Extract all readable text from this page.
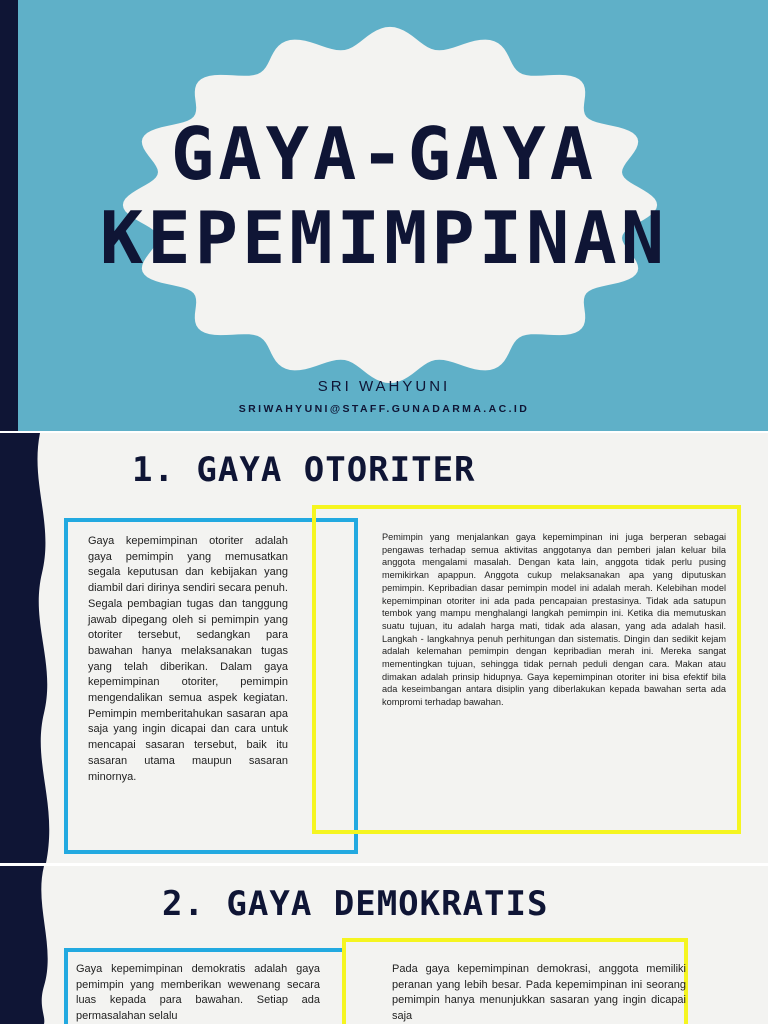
GAYA-GAYA
KEPEMIMPINAN
SRI WAHYUNI
SRIWAHYUNI@STAFF.GUNADARMA.AC.ID
1. GAYA OTORITER

Gaya kepemimpinan otoriter adalah gaya pemimpin yang memusatkan segala keputusan dan kebijakan yang diambil dari dirinya sendiri secara penuh. Segala pembagian tugas dan tanggung jawab dipegang oleh si pemimpin yang otoriter tersebut, sedangkan para bawahan hanya melaksanakan tugas yang telah diberikan. Dalam gaya kepemimpinan otoriter, pemimpin mengendalikan semua aspek kegiatan. Pemimpin memberitahukan sasaran apa saja yang ingin dicapai dan cara untuk mencapai sasaran tersebut, baik itu sasaran utama maupun sasaran minornya.

Pemimpin yang menjalankan gaya kepemimpinan ini juga berperan sebagai pengawas terhadap semua aktivitas anggotanya dan pemberi jalan keluar bila anggota mengalami masalah. Dengan kata lain, anggota tidak perlu pusing memikirkan apappun. Anggota cukup melaksanakan apa yang diputuskan pemimpin. Kepribadian dasar pemimpin model ini adalah merah. Kelebihan model kepemimpinan otoriter ini ada pada pencapaian prestasinya. Tidak ada satupun tembok yang mampu menghalangi langkah pemimpin ini. Ketika dia memutuskan suatu tujuan, itu adalah harga mati, tidak ada alasan, yang ada adalah hasil. Langkah - langkahnya penuh perhitungan dan sistematis. Dingin dan sedikit kejam adalah kelemahan pemimpin dengan kepribadian merah ini. Mereka sangat mementingkan tujuan, sehingga tidak pernah peduli dengan cara. Makan atau dimakan adalah prinsip hidupnya. Gaya kepemimpinan otoriter ini bisa efektif bila ada keseimbangan antara disiplin yang diberlakukan kepada bawahan serta ada kompromi terhadap bawahan.

2. GAYA DEMOKRATIS

Gaya kepemimpinan demokratis adalah gaya pemimpin yang memberikan wewenang secara luas kepada para bawahan. Setiap ada permasalahan selalu

Pada gaya kepemimpinan demokrasi, anggota memiliki peranan yang lebih besar. Pada kepemimpinan ini seorang pemimpin hanya menunjukkan sasaran yang ingin dicapai saja
